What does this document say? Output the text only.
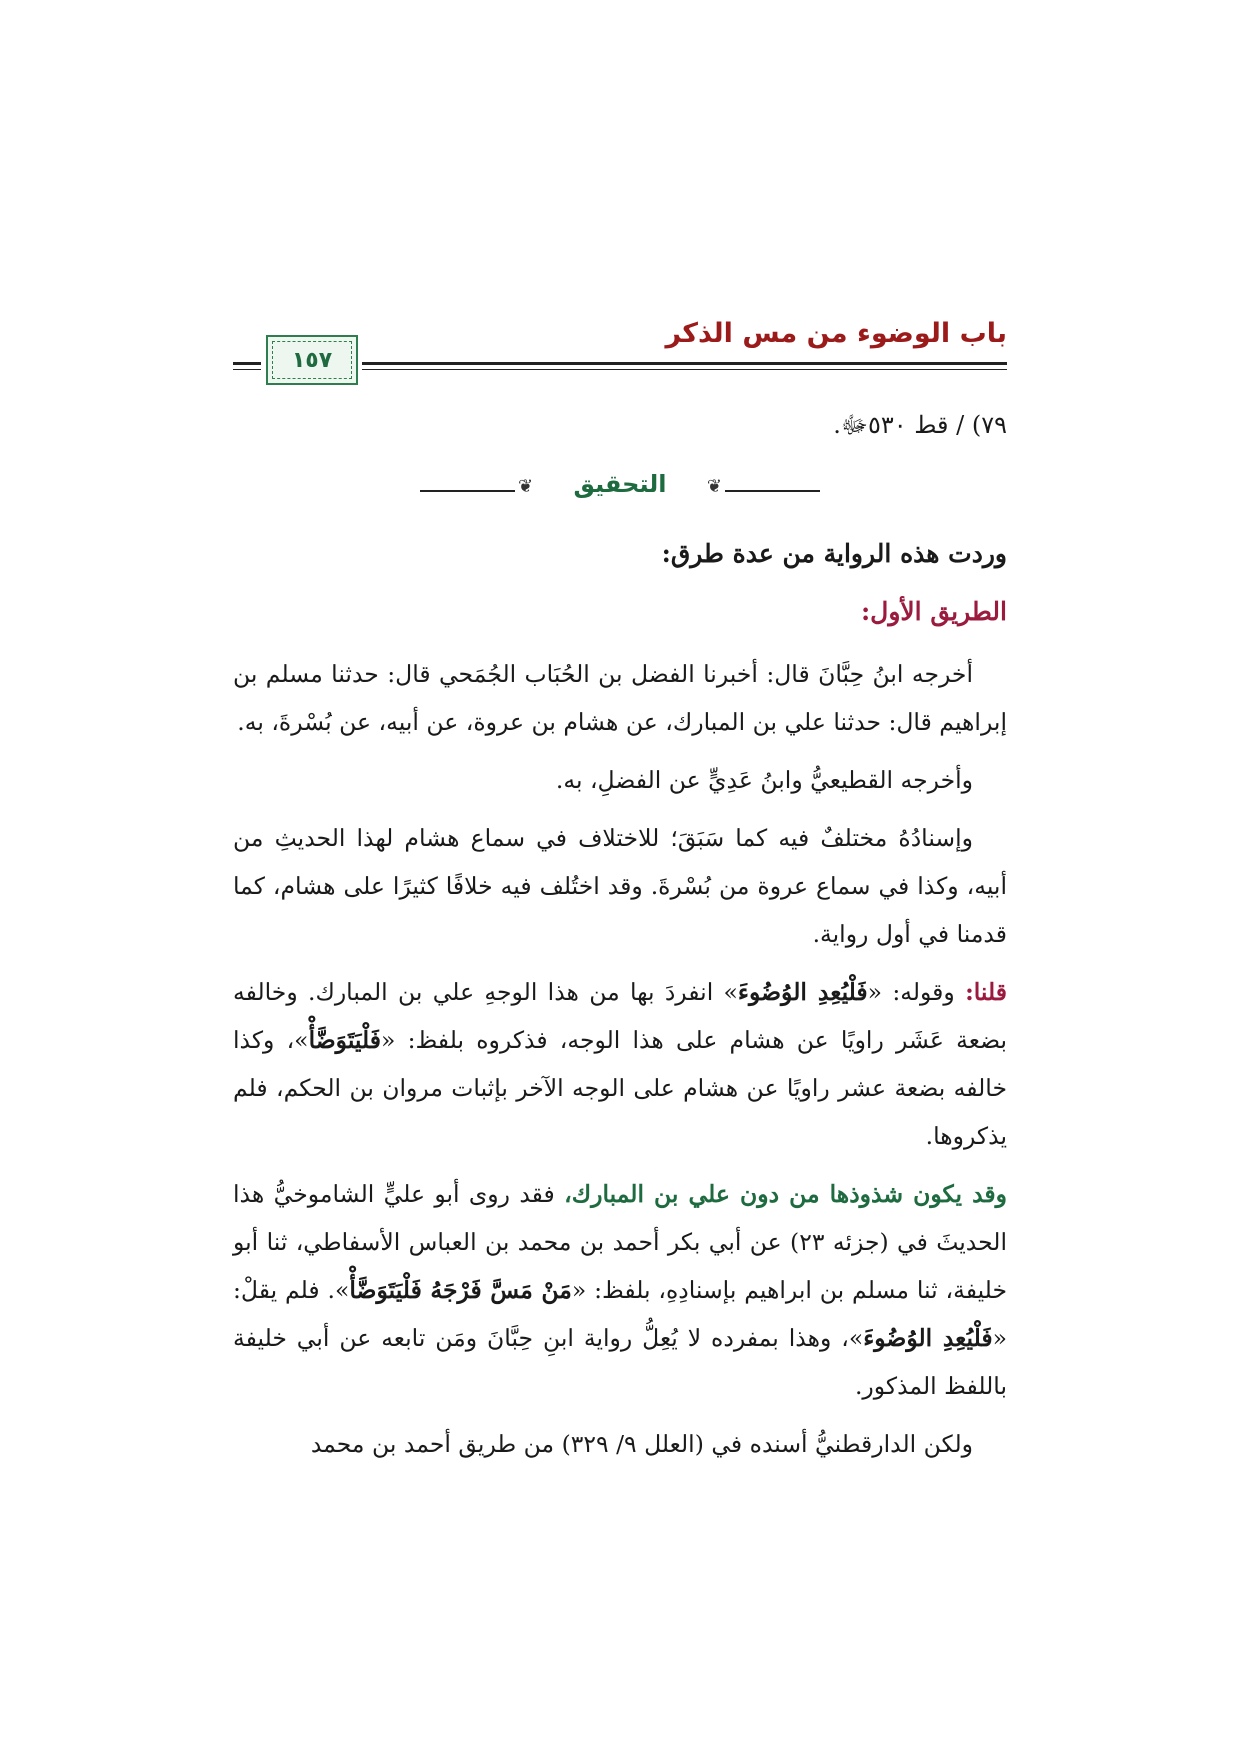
باب الوضوء من مس الذكر
١٥٧
٧٩) / قط ٥٣٠ﷻ.
❦	❦
التحقيق

وردت هذه الرواية من عدة طرق:

الطريق الأول:

أخرجه ابنُ حِبَّانَ قال: أخبرنا الفضل بن الحُبَاب الجُمَحي قال: حدثنا مسلم بن إبراهيم قال: حدثنا علي بن المبارك، عن هشام بن عروة، عن أبيه، عن بُسْرةَ، به.

وأخرجه القطيعيُّ وابنُ عَدِيٍّ عن الفضلِ، به.

وإسنادُهُ مختلفٌ فيه كما سَبَقَ؛ للاختلاف في سماع هشام لهذا الحديثِ من أبيه، وكذا في سماع عروة من بُسْرةَ. وقد اختُلف فيه خلافًا كثيرًا على هشام، كما قدمنا في أول رواية.

قلنا: وقوله: «فَلْيُعِدِ الوُضُوءَ» انفردَ بها من هذا الوجهِ علي بن المبارك. وخالفه بضعة عَشَر راويًا عن هشام على هذا الوجه، فذكروه بلفظ: «فَلْيَتَوَضَّأْ»، وكذا خالفه بضعة عشر راويًا عن هشام على الوجه الآخر بإثبات مروان بن الحكم، فلم يذكروها.

وقد يكون شذوذها من دون علي بن المبارك، فقد روى أبو عليٍّ الشاموخيُّ هذا الحديثَ في (جزئه ٢٣) عن أبي بكر أحمد بن محمد بن العباس الأسفاطي، ثنا أبو خليفة، ثنا مسلم بن ابراهيم بإسنادِهِ، بلفظ: «مَنْ مَسَّ فَرْجَهُ فَلْيَتَوَضَّأْ». فلم يقلْ: «فَلْيُعِدِ الوُضُوءَ»، وهذا بمفرده لا يُعِلُّ رواية ابنِ حِبَّانَ ومَن تابعه عن أبي خليفة باللفظ المذكور.

ولكن الدارقطنيُّ أسنده في (العلل ٩/ ٣٢٩) من طريق أحمد بن محمد
